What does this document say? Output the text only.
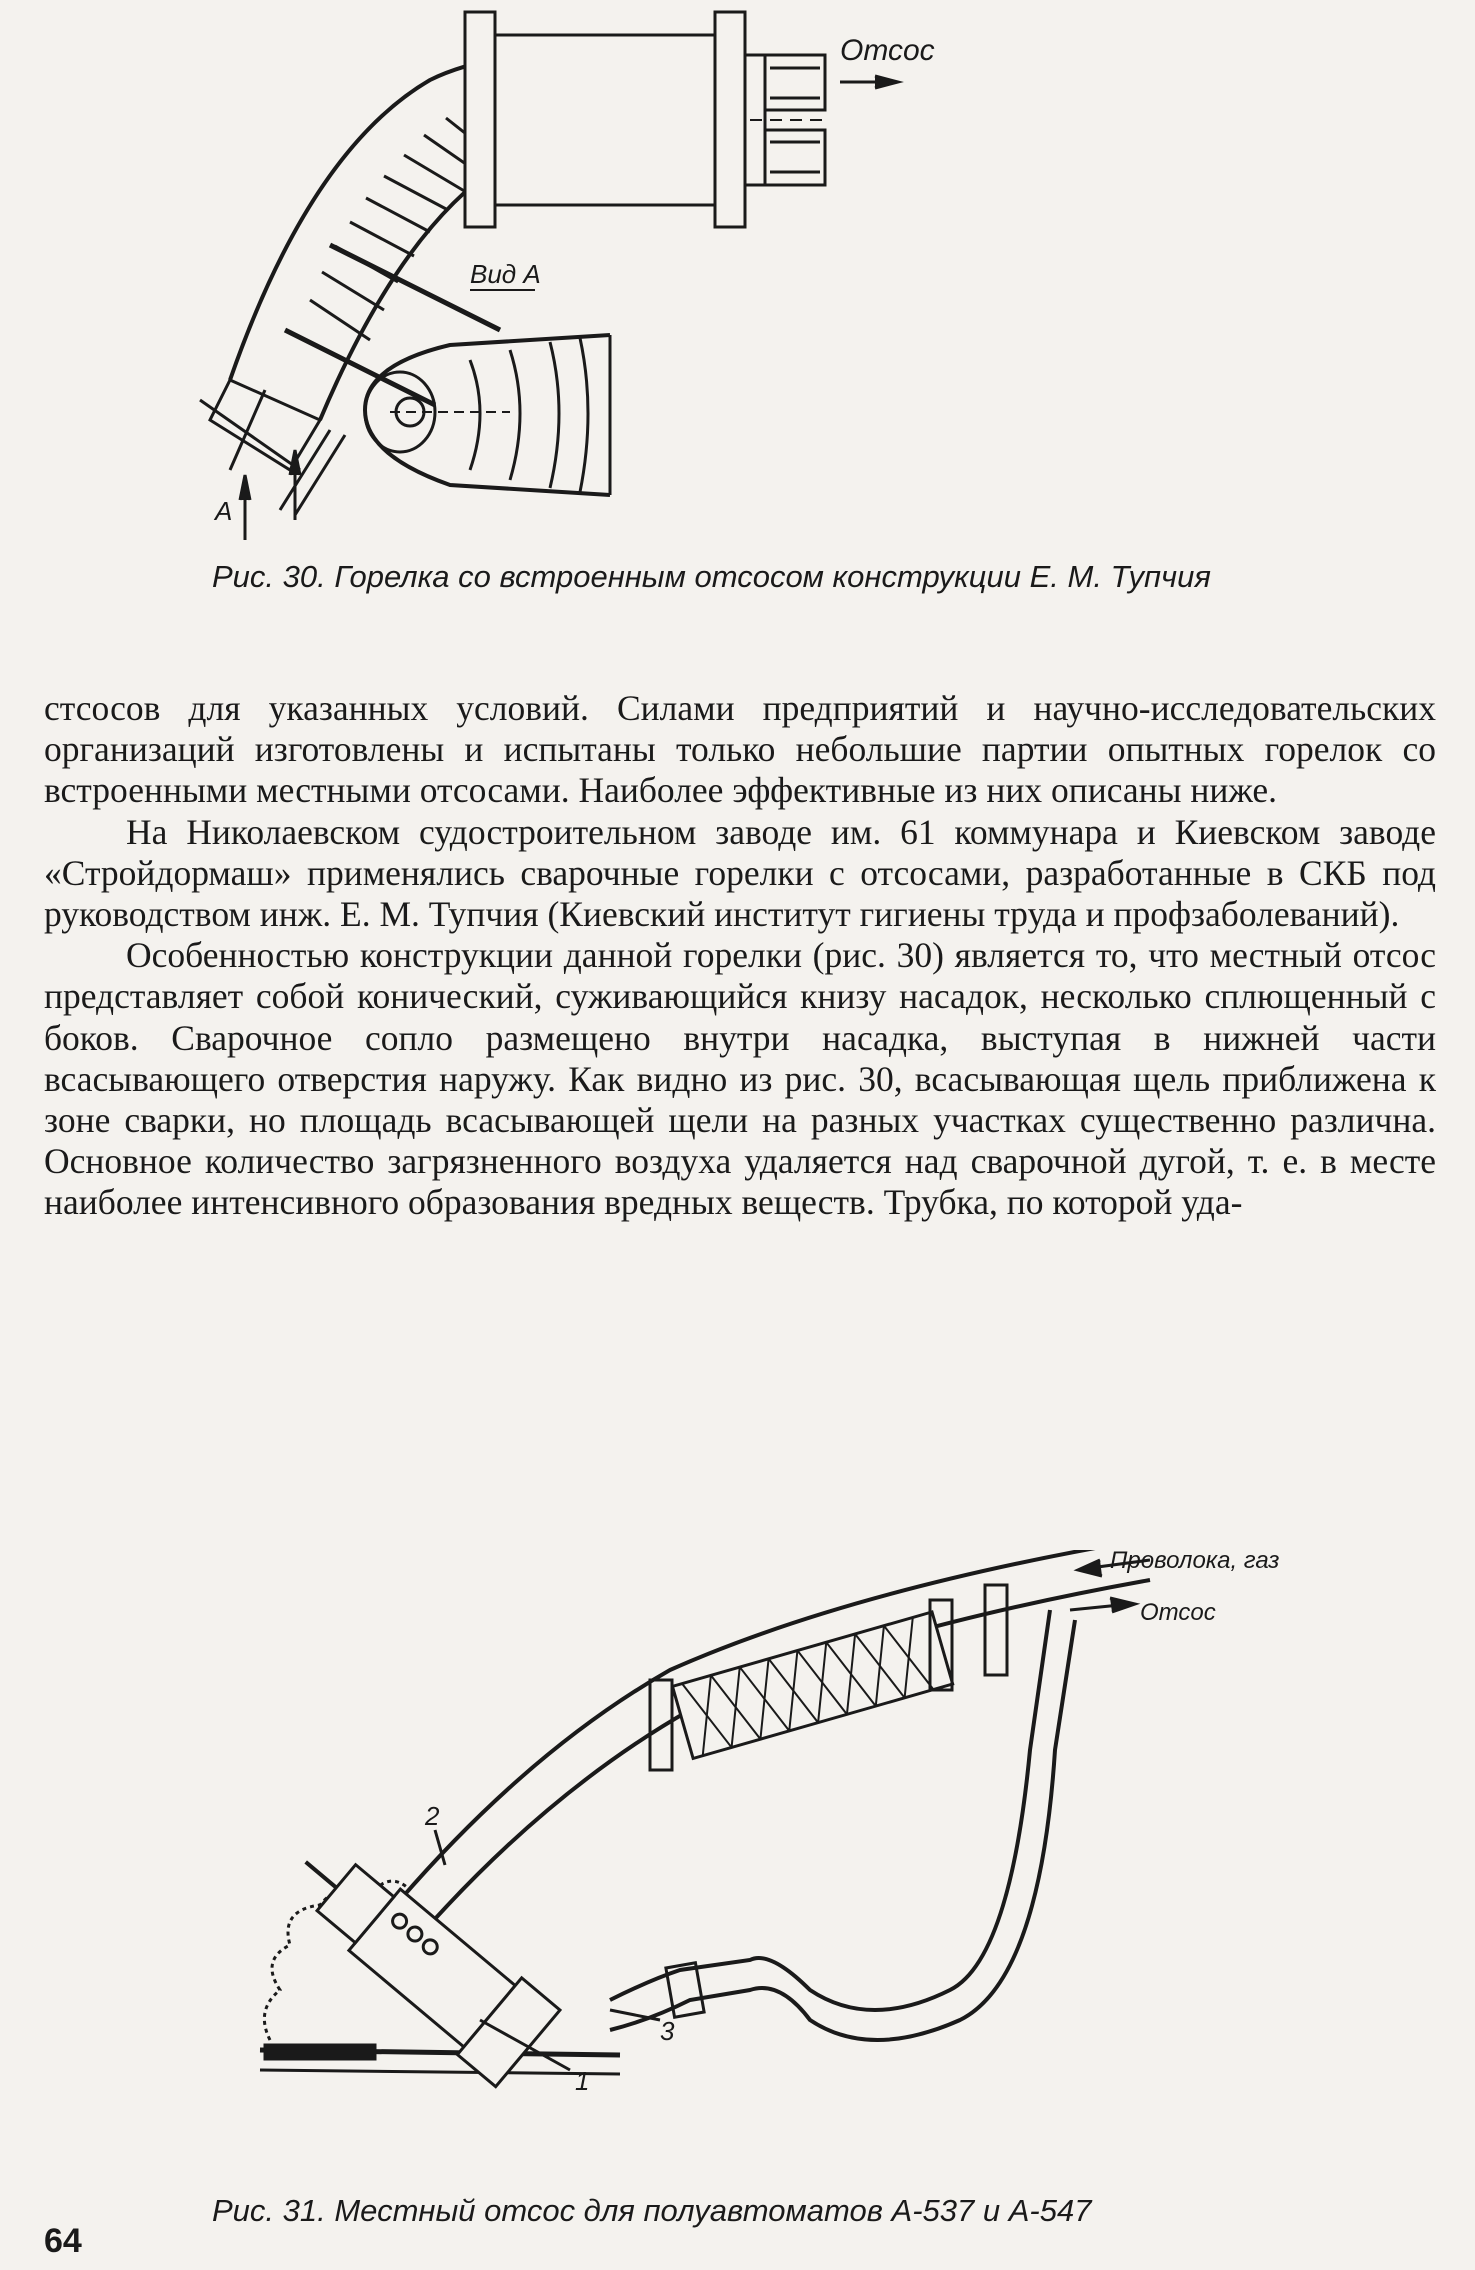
Отсос
Вид А
А
Рис. 30. Горелка со встроенным отсосом конструкции Е. М. Тупчия

стсосов для указанных условий. Силами предприятий и научно-исследовательских организаций изготовлены и испытаны только небольшие партии опытных горелок со встроенными местными отсосами. Наиболее эффективные из них описаны ниже.

На Николаевском судостроительном заводе им. 61 коммунара и Киевском заводе «Стройдормаш» применялись сварочные горелки с отсосами, разработанные в СКБ под руководством инж. Е. М. Тупчия (Киевский институт гигиены труда и профзаболеваний).

Особенностью конструкции данной горелки (рис. 30) является то, что местный отсос представляет собой конический, суживающийся книзу насадок, несколько сплющенный с боков. Сварочное сопло размещено внутри насадка, выступая в нижней части всасывающего отверстия наружу. Как видно из рис. 30, всасывающая щель приближена к зоне сварки, но площадь всасывающей щели на разных участках существенно различна. Основное количество загрязненного воздуха удаляется над сварочной дугой, т. е. в месте наиболее интенсивного образования вредных веществ. Трубка, по которой уда-

Проволока, газ
Отсос
1
2
3
Рис. 31. Местный отсос для полуавтоматов А-537 и А-547
64
